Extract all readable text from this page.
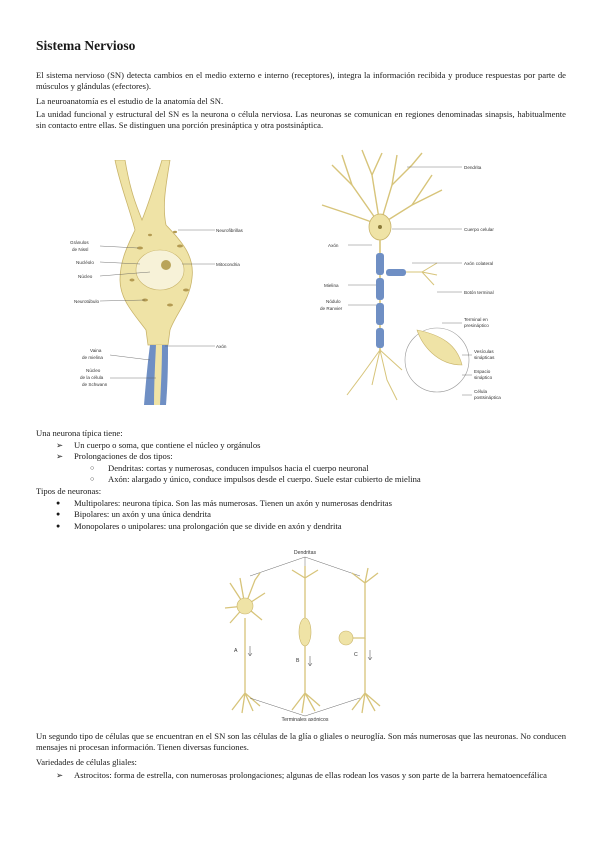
Sistema Nervioso
El sistema nervioso (SN) detecta cambios en el medio externo e interno (receptores), integra la información recibida y produce respuestas por parte de músculos y glándulas (efectores).
La neuroanatomía es el estudio de la anatomía del SN.
La unidad funcional y estructural del SN es la neurona o célula nerviosa. Las neuronas se comunican en regiones denominadas sinapsis, habitualmente sin contacto entre ellas. Se distinguen una porción presináptica y otra postsináptica.
Gránulos
de Nissl
Nucléolo
Núcleo
Neurotúbulo
Neurofibrillas
Mitocondria
Axón
Vaina
de mielina
Núcleo
de la célula
de Schwann
Dendrita
Cuerpo celular
Axón
Axón colateral
Mielina
Botón terminal
Nódulo
de Ranvier
Terminal en
presináptico
Vesículas
sinápticas
Espacio
sináptico
Célula
postsináptica
Una neurona típica tiene:
➢ Un cuerpo o soma, que contiene el núcleo y orgánulos
➢ Prolongaciones de dos tipos:
○ Dendritas: cortas y numerosas, conducen impulsos hacia el cuerpo neuronal
○ Axón: alargado y único, conduce impulsos desde el cuerpo. Suele estar cubierto de mielina
Tipos de neuronas:
● Multipolares: neurona típica. Son las más numerosas. Tienen un axón y numerosas dendritas
● Bipolares: un axón y una única dendrita
● Monopolares o unipolares: una prolongación que se divide en axón y dendrita
Dendritas
A
B
C
Terminales axónicos
Un segundo tipo de células que se encuentran en el SN son las células de la glía o gliales o neuroglía. Son más numerosas que las neuronas. No conducen mensajes ni procesan información. Tienen diversas funciones.
Variedades de células gliales:
➢ Astrocitos: forma de estrella, con numerosas prolongaciones; algunas de ellas rodean los vasos y son parte de la barrera hematoencefálica
